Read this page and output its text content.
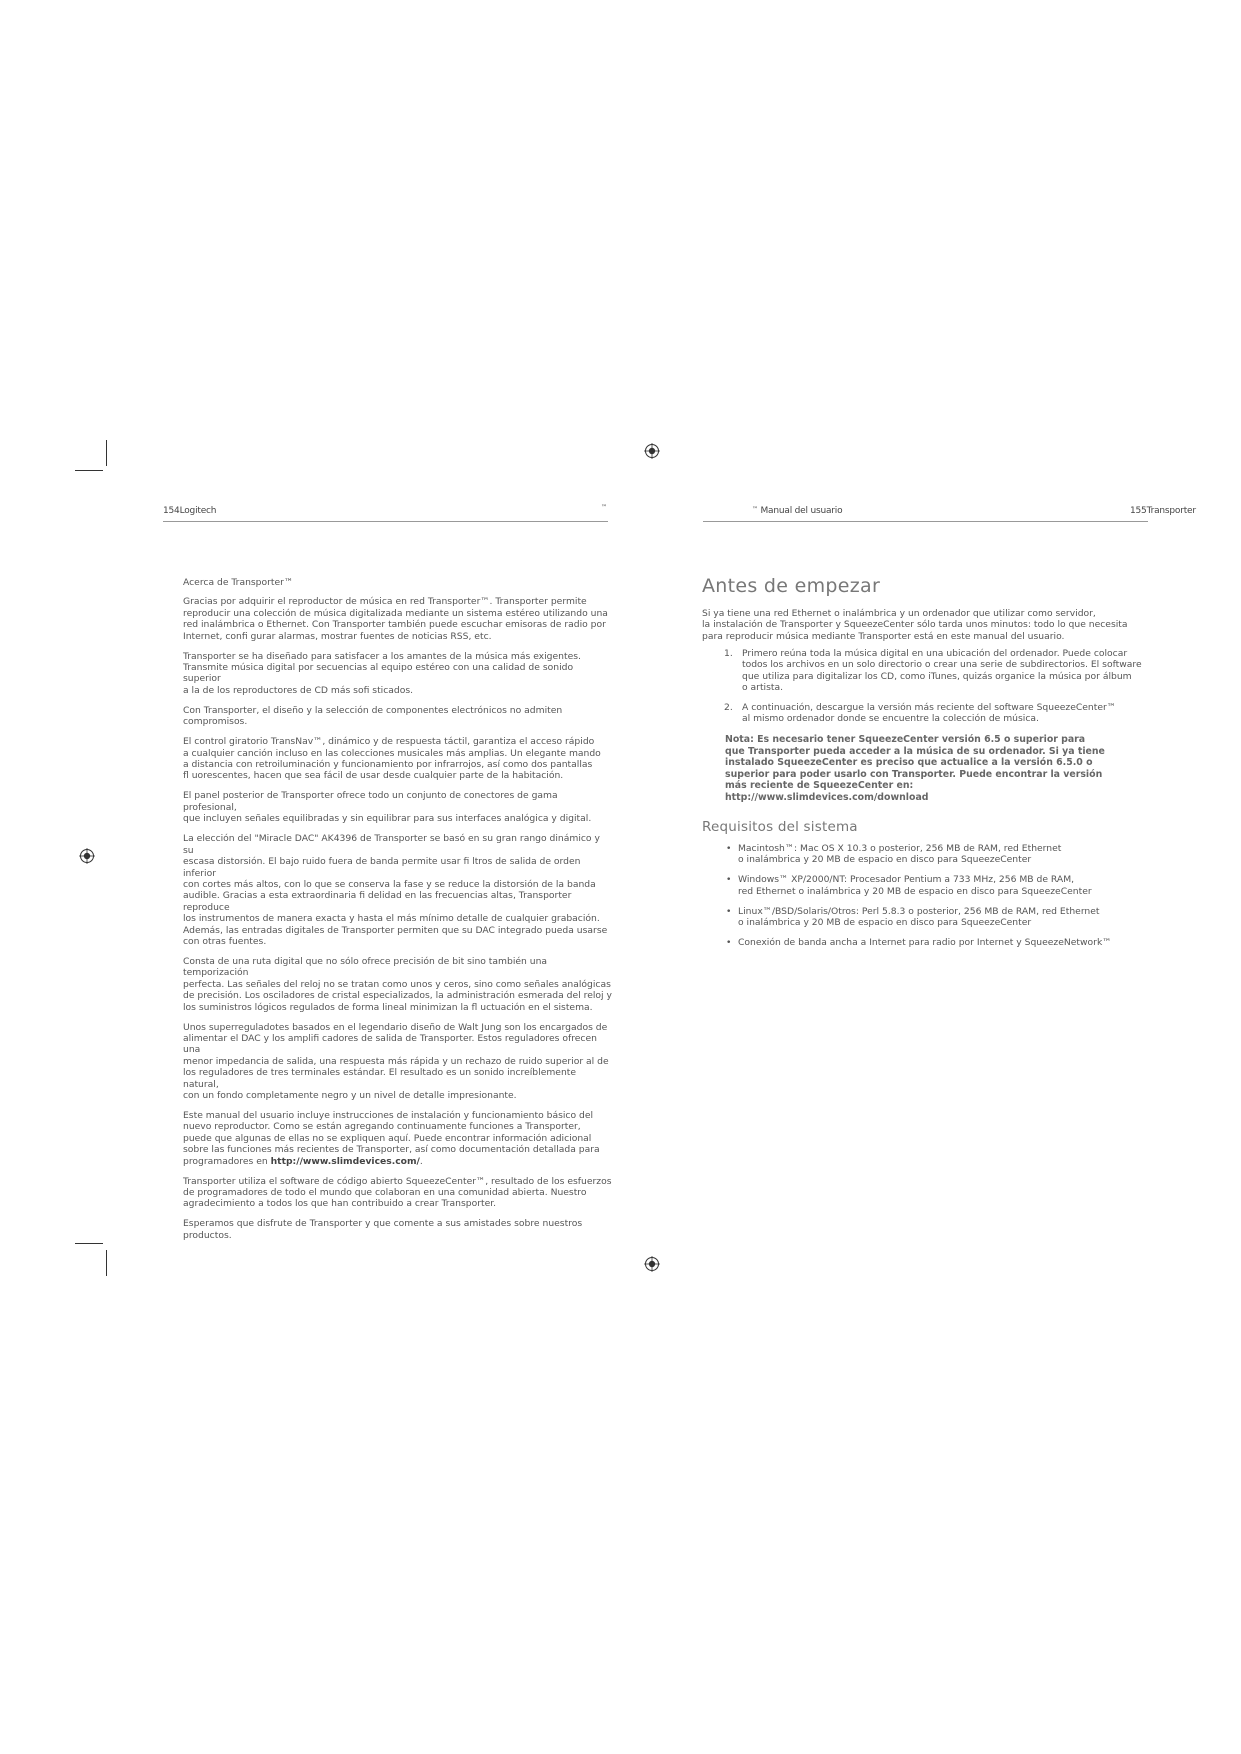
154Logitech	™

Acerca de Transporter™

Gracias por adquirir el reproductor de música en red Transporter™. Transporter permite
reproducir una colección de música digitalizada mediante un sistema estéreo utilizando una
red inalámbrica o Ethernet. Con Transporter también puede escuchar emisoras de radio por
Internet, confi gurar alarmas, mostrar fuentes de noticias RSS, etc.

Transporter se ha diseñado para satisfacer a los amantes de la música más exigentes.
Transmite música digital por secuencias al equipo estéreo con una calidad de sonido superior
a la de los reproductores de CD más sofi sticados.

Con Transporter, el diseño y la selección de componentes electrónicos no admiten
compromisos.

El control giratorio TransNav™, dinámico y de respuesta táctil, garantiza el acceso rápido
a cualquier canción incluso en las colecciones musicales más amplias. Un elegante mando
a distancia con retroiluminación y funcionamiento por infrarrojos, así como dos pantallas
fl uorescentes, hacen que sea fácil de usar desde cualquier parte de la habitación.

El panel posterior de Transporter ofrece todo un conjunto de conectores de gama profesional,
que incluyen señales equilibradas y sin equilibrar para sus interfaces analógica y digital.

La elección del "Miracle DAC" AK4396 de Transporter se basó en su gran rango dinámico y su
escasa distorsión. El bajo ruido fuera de banda permite usar fi ltros de salida de orden inferior
con cortes más altos, con lo que se conserva la fase y se reduce la distorsión de la banda
audible. Gracias a esta extraordinaria fi delidad en las frecuencias altas, Transporter reproduce
los instrumentos de manera exacta y hasta el más mínimo detalle de cualquier grabación.
Además, las entradas digitales de Transporter permiten que su DAC integrado pueda usarse
con otras fuentes.

Consta de una ruta digital que no sólo ofrece precisión de bit sino también una temporización
perfecta. Las señales del reloj no se tratan como unos y ceros, sino como señales analógicas
de precisión. Los osciladores de cristal especializados, la administración esmerada del reloj y
los suministros lógicos regulados de forma lineal minimizan la fl uctuación en el sistema.

Unos superreguladotes basados en el legendario diseño de Walt Jung son los encargados de
alimentar el DAC y los amplifi cadores de salida de Transporter. Estos reguladores ofrecen una
menor impedancia de salida, una respuesta más rápida y un rechazo de ruido superior al de
los reguladores de tres terminales estándar. El resultado es un sonido increíblemente natural,
con un fondo completamente negro y un nivel de detalle impresionante.

Este manual del usuario incluye instrucciones de instalación y funcionamiento básico del
nuevo reproductor. Como se están agregando continuamente funciones a Transporter,
puede que algunas de ellas no se expliquen aquí. Puede encontrar información adicional
sobre las funciones más recientes de Transporter, así como documentación detallada para
programadores en http://www.slimdevices.com/.

Transporter utiliza el software de código abierto SqueezeCenter™, resultado de los esfuerzos
de programadores de todo el mundo que colaboran en una comunidad abierta. Nuestro
agradecimiento a todos los que han contribuido a crear Transporter.

Esperamos que disfrute de Transporter y que comente a sus amistades sobre nuestros
productos.

™ Manual del usuario	155Transporter
Antes de empezar

Si ya tiene una red Ethernet o inalámbrica y un ordenador que utilizar como servidor,
la instalación de Transporter y SqueezeCenter sólo tarda unos minutos: todo lo que necesita
para reproducir música mediante Transporter está en este manual del usuario.

1.	Primero reúna toda la música digital en una ubicación del ordenador. Puede colocar
todos los archivos en un solo directorio o crear una serie de subdirectorios. El software
que utiliza para digitalizar los CD, como iTunes, quizás organice la música por álbum
o artista.
2.	A continuación, descargue la versión más reciente del software SqueezeCenter™
al mismo ordenador donde se encuentre la colección de música.
Nota: Es necesario tener SqueezeCenter versión 6.5 o superior para
que Transporter pueda acceder a la música de su ordenador. Si ya tiene
instalado SqueezeCenter es preciso que actualice a la versión 6.5.0 o
superior para poder usarlo con Transporter. Puede encontrar la versión
más reciente de SqueezeCenter en:
http://www.slimdevices.com/download
Requisitos del sistema
• Macintosh™: Mac OS X 10.3 o posterior, 256 MB de RAM, red Ethernet
o inalámbrica y 20 MB de espacio en disco para SqueezeCenter
• Windows™ XP/2000/NT: Procesador Pentium a 733 MHz, 256 MB de RAM,
red Ethernet o inalámbrica y 20 MB de espacio en disco para SqueezeCenter
• Linux™/BSD/Solaris/Otros: Perl 5.8.3 o posterior, 256 MB de RAM, red Ethernet
o inalámbrica y 20 MB de espacio en disco para SqueezeCenter
• Conexión de banda ancha a Internet para radio por Internet y SqueezeNetwork™
